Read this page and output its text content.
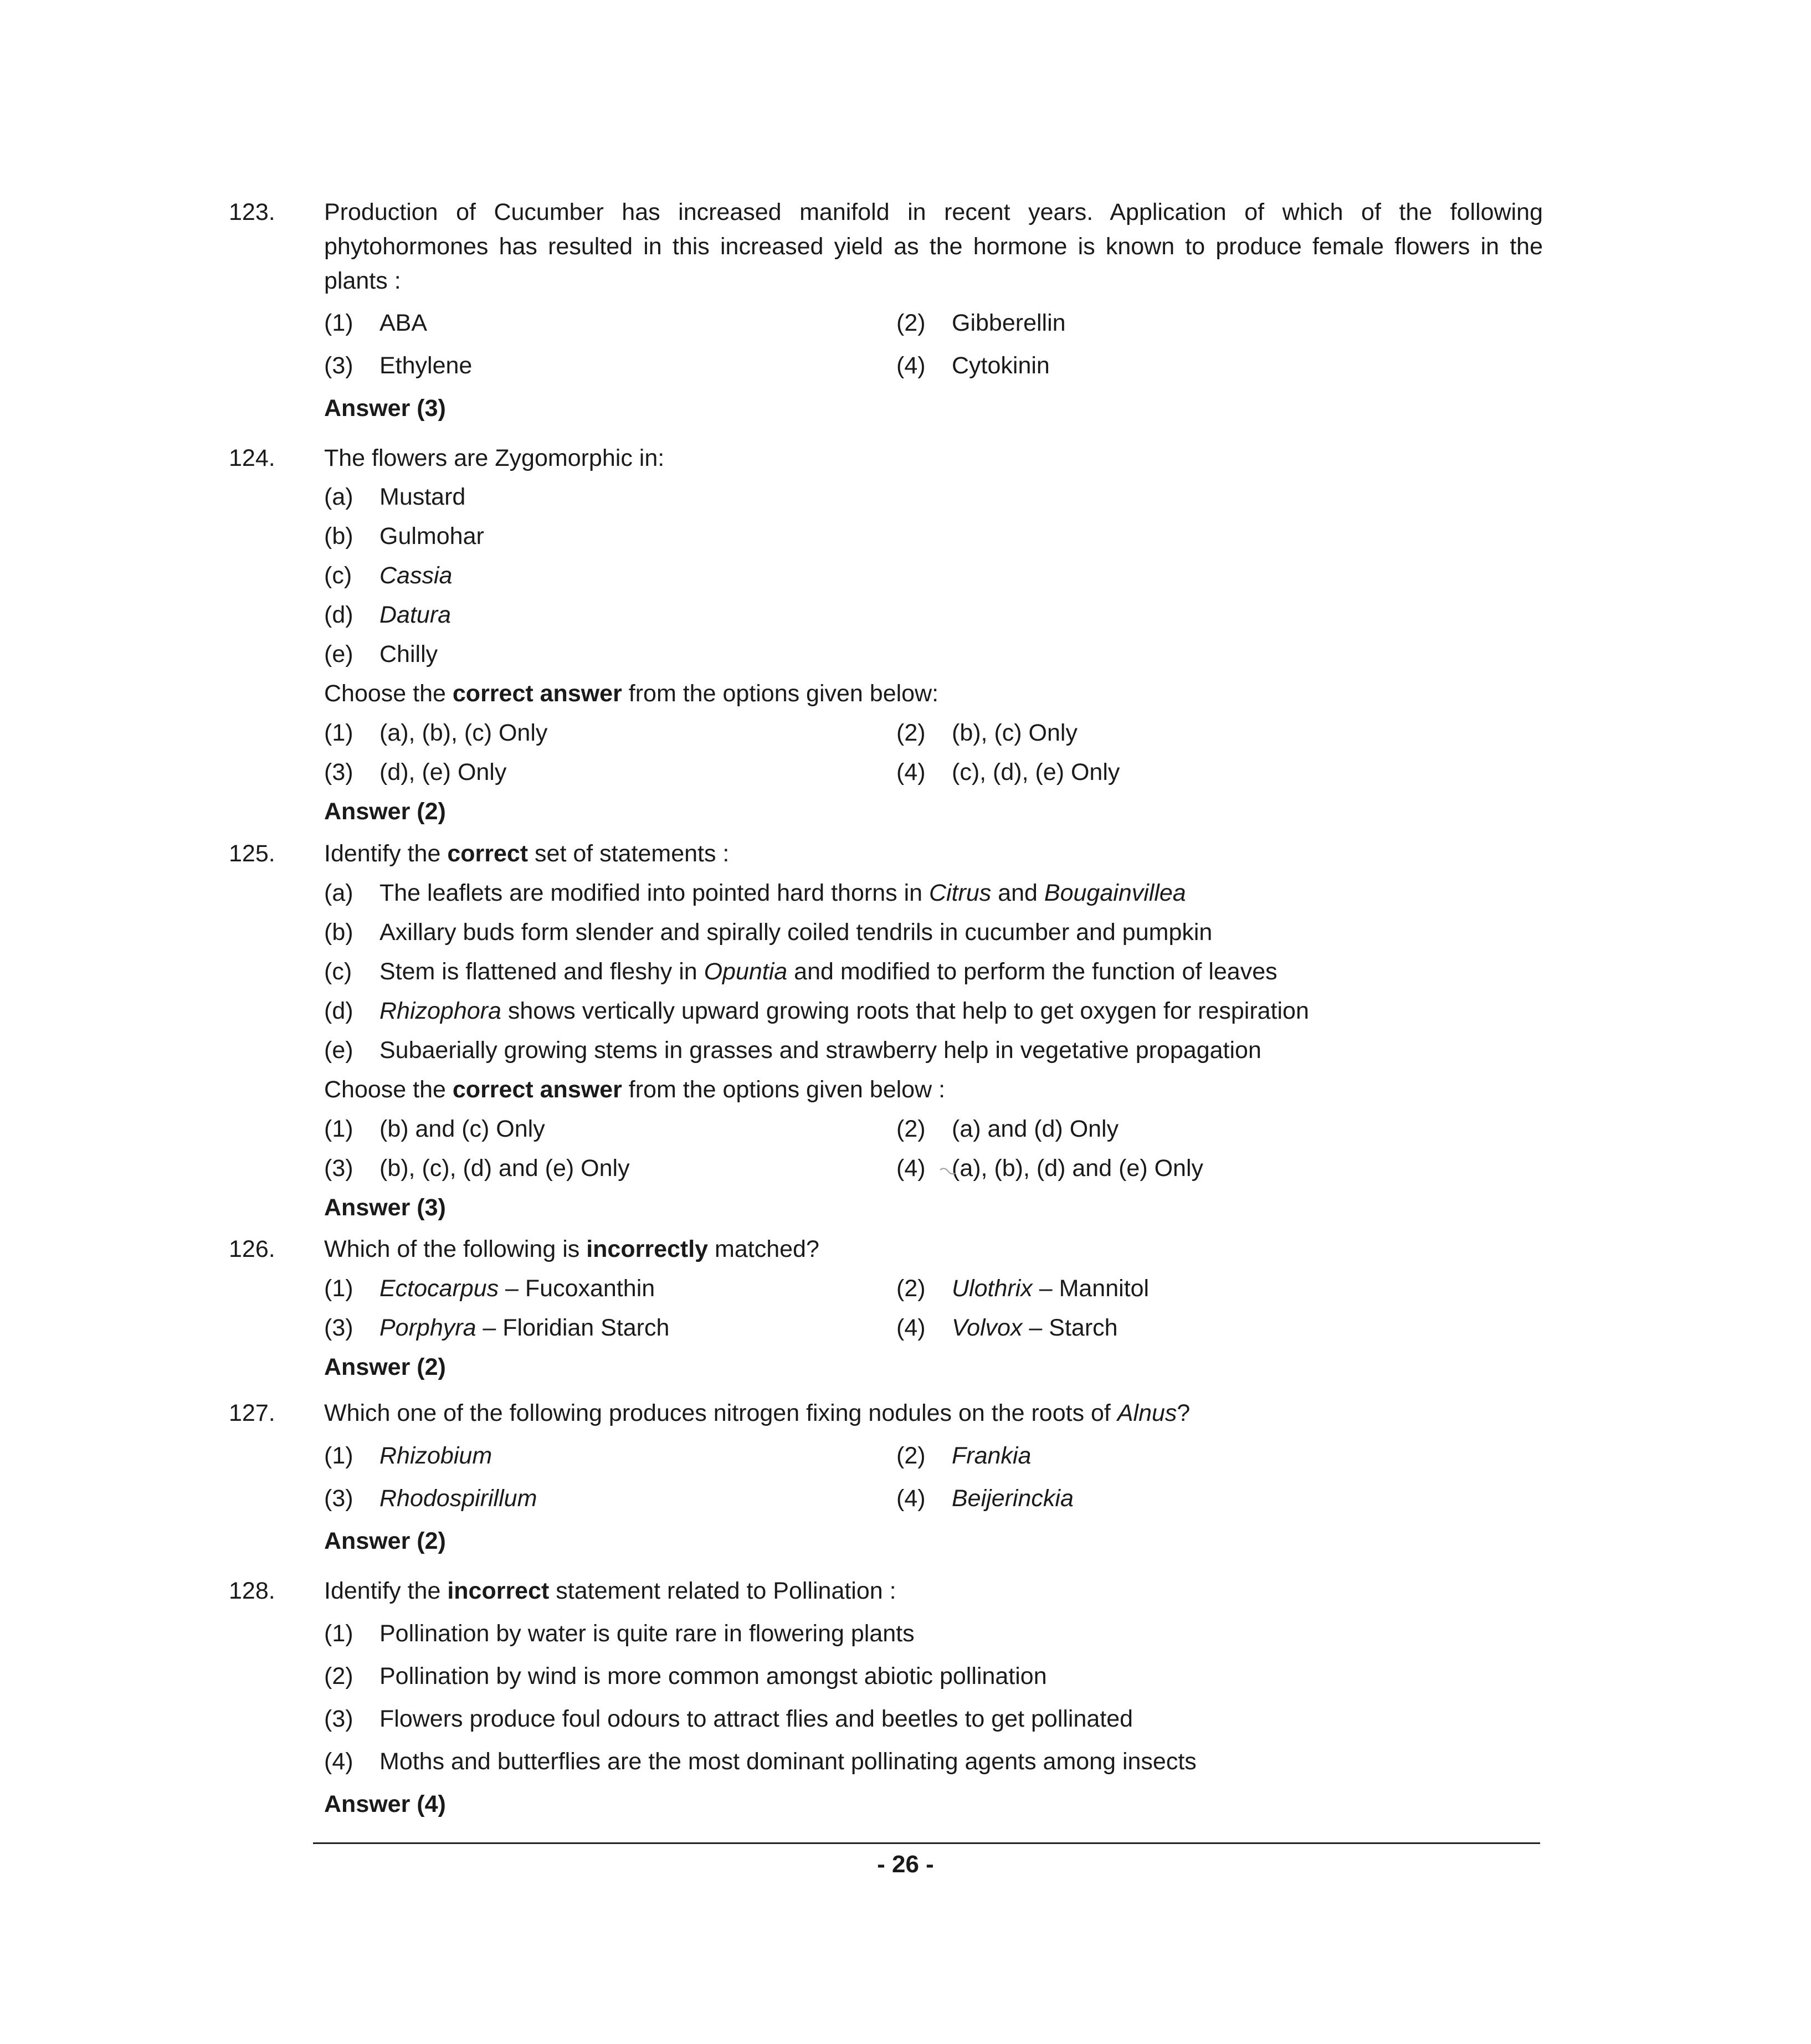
123.	Production of Cucumber has increased manifold in recent years. Application of which of the following phytohormones has resulted in this increased yield as the hormone is known to produce female flowers in the plants :
(1) ABA	(2) Gibberellin
(3) Ethylene	(4) Cytokinin
Answer (3)
124.	The flowers are Zygomorphic in:
(a) Mustard
(b) Gulmohar
(c) Cassia
(d) Datura
(e) Chilly
Choose the correct answer from the options given below:
(1) (a), (b), (c) Only	(2) (b), (c) Only
(3) (d), (e) Only	(4) (c), (d), (e) Only
Answer (2)
125.	Identify the correct set of statements :
(a) The leaflets are modified into pointed hard thorns in Citrus and Bougainvillea
(b) Axillary buds form slender and spirally coiled tendrils in cucumber and pumpkin
(c) Stem is flattened and fleshy in Opuntia and modified to perform the function of leaves
(d) Rhizophora shows vertically upward growing roots that help to get oxygen for respiration
(e) Subaerially growing stems in grasses and strawberry help in vegetative propagation
Choose the correct answer from the options given below :
(1) (b) and (c) Only	(2) (a) and (d) Only
(3) (b), (c), (d) and (e) Only	(4) (a), (b), (d) and (e) Only
Answer (3)
126.	Which of the following is incorrectly matched?
(1) Ectocarpus – Fucoxanthin	(2) Ulothrix – Mannitol
(3) Porphyra – Floridian Starch	(4) Volvox – Starch
Answer (2)
127.	Which one of the following produces nitrogen fixing nodules on the roots of Alnus?
(1) Rhizobium	(2) Frankia
(3) Rhodospirillum	(4) Beijerinckia
Answer (2)
128.	Identify the incorrect statement related to Pollination :
(1) Pollination by water is quite rare in flowering plants
(2) Pollination by wind is more common amongst abiotic pollination
(3) Flowers produce foul odours to attract flies and beetles to get pollinated
(4) Moths and butterflies are the most dominant pollinating agents among insects
Answer (4)
- 26 -
